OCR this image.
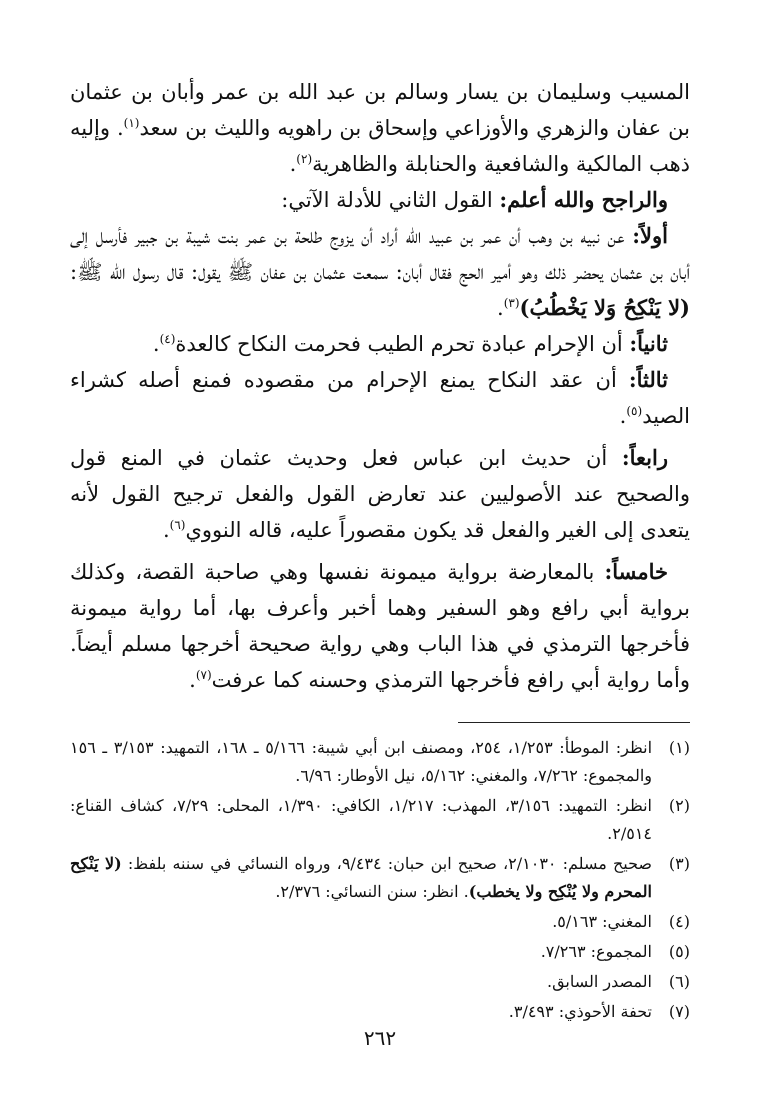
المسيب وسليمان بن يسار وسالم بن عبد الله بن عمر وأبان بن عثمان بن عفان والزهري والأوزاعي وإسحاق بن راهويه والليث بن سعد$^{(١)}$. وإليه ذهب المالكية والشافعية والحنابلة والظاهرية$^{(٢)}$.

والراجح والله أعلم: القول الثاني للأدلة الآتي:

أولاً: عن نبيه بن وهب أن عمر بن عبيد الله أراد أن يزوج طلحة بن عمر بنت شيبة بن جبير فأرسل إلى أبان بن عثمان يحضر ذلك وهو أمير الحج فقال أبان: سمعت عثمان بن عفان ﷺ يقول: قال رسول الله ﷺ: (لا يَنْكِحُ وَلا يَخْطُبُ)$^{(٣)}$.

ثانياً: أن الإحرام عبادة تحرم الطيب فحرمت النكاح كالعدة$^{(٤)}$.

ثالثاً: أن عقد النكاح يمنع الإحرام من مقصوده فمنع أصله كشراء الصيد$^{(٥)}$.

رابعاً: أن حديث ابن عباس فعل وحديث عثمان في المنع قول والصحيح عند الأصوليين عند تعارض القول والفعل ترجيح القول لأنه يتعدى إلى الغير والفعل قد يكون مقصوراً عليه، قاله النووي$^{(٦)}$.

خامساً: بالمعارضة برواية ميمونة نفسها وهي صاحبة القصة، وكذلك برواية أبي رافع وهو السفير وهما أخبر وأعرف بها، أما رواية ميمونة فأخرجها الترمذي في هذا الباب وهي رواية صحيحة أخرجها مسلم أيضاً. وأما رواية أبي رافع فأخرجها الترمذي وحسنه كما عرفت$^{(٧)}$.

(١)
انظر: الموطأ: ١/٢٥٣، ٢٥٤، ومصنف ابن أبي شيبة: ٥/١٦٦ ـ ١٦٨، التمهيد: ٣/١٥٣ ـ ١٥٦ والمجموع: ٧/٢٦٢، والمغني: ٥/١٦٢، نيل الأوطار: ٦/٩٦.
(٢)
انظر: التمهيد: ٣/١٥٦، المهذب: ١/٢١٧، الكافي: ١/٣٩٠، المحلى: ٧/٢٩، كشاف القناع: ٢/٥١٤.
(٣)
صحيح مسلم: ٢/١٠٣٠، صحيح ابن حبان: ٩/٤٣٤، ورواه النسائي في سننه بلفظ: (لا يَنْكِح المحرم ولا يُنْكِح ولا يخطب). انظر: سنن النسائي: ٢/٣٧٦.
(٤)
المغني: ٥/١٦٣.
(٥)
المجموع: ٧/٢٦٣.
(٦)
المصدر السابق.
(٧)
تحفة الأحوذي: ٣/٤٩٣.
٢٦٢
